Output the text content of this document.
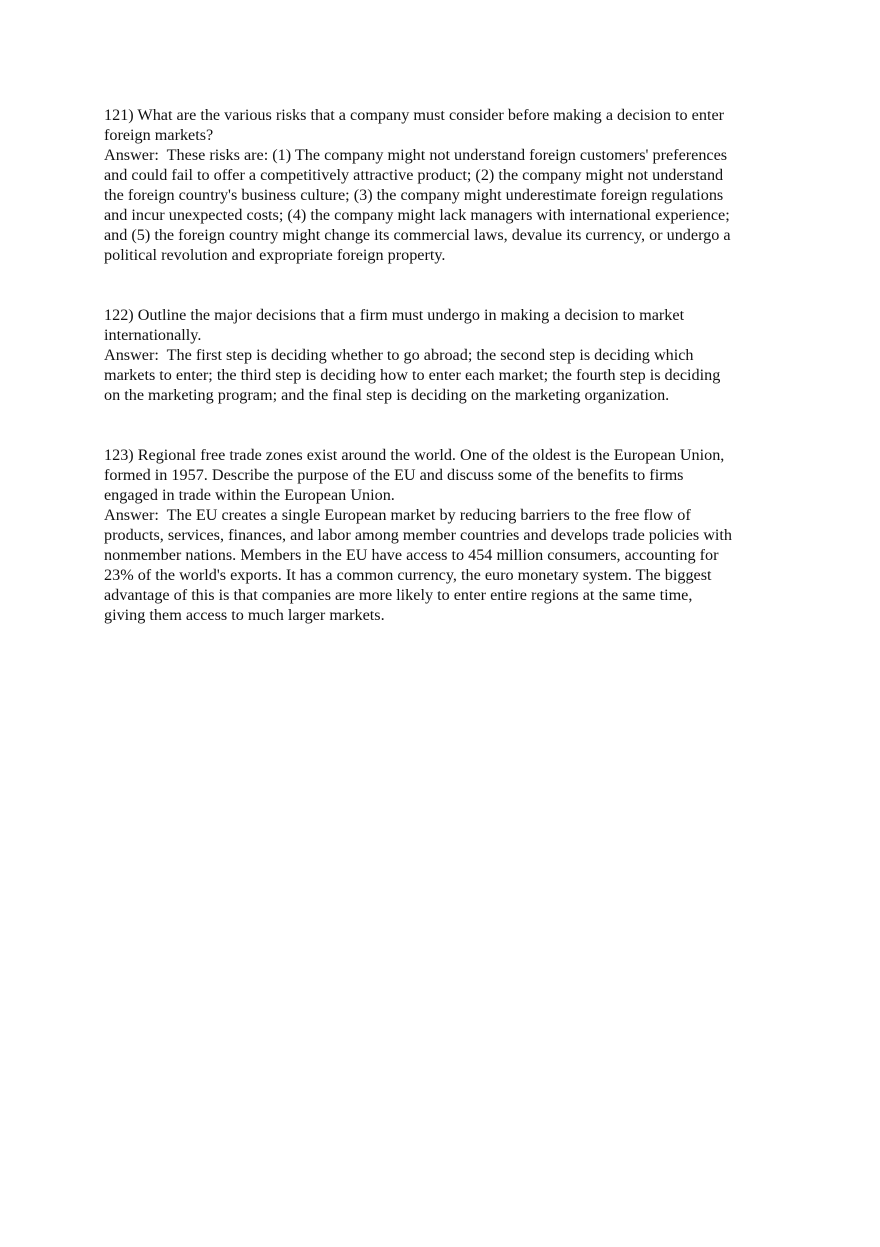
121) What are the various risks that a company must consider before making a decision to enter
foreign markets?
Answer:  These risks are: (1) The company might not understand foreign customers' preferences
and could fail to offer a competitively attractive product; (2) the company might not understand
the foreign country's business culture; (3) the company might underestimate foreign regulations
and incur unexpected costs; (4) the company might lack managers with international experience;
and (5) the foreign country might change its commercial laws, devalue its currency, or undergo a
political revolution and expropriate foreign property.
122) Outline the major decisions that a firm must undergo in making a decision to market
internationally.
Answer:  The first step is deciding whether to go abroad; the second step is deciding which
markets to enter; the third step is deciding how to enter each market; the fourth step is deciding
on the marketing program; and the final step is deciding on the marketing organization.
123) Regional free trade zones exist around the world. One of the oldest is the European Union,
formed in 1957. Describe the purpose of the EU and discuss some of the benefits to firms
engaged in trade within the European Union.
Answer:  The EU creates a single European market by reducing barriers to the free flow of
products, services, finances, and labor among member countries and develops trade policies with
nonmember nations. Members in the EU have access to 454 million consumers, accounting for
23% of the world's exports. It has a common currency, the euro monetary system. The biggest
advantage of this is that companies are more likely to enter entire regions at the same time,
giving them access to much larger markets.
